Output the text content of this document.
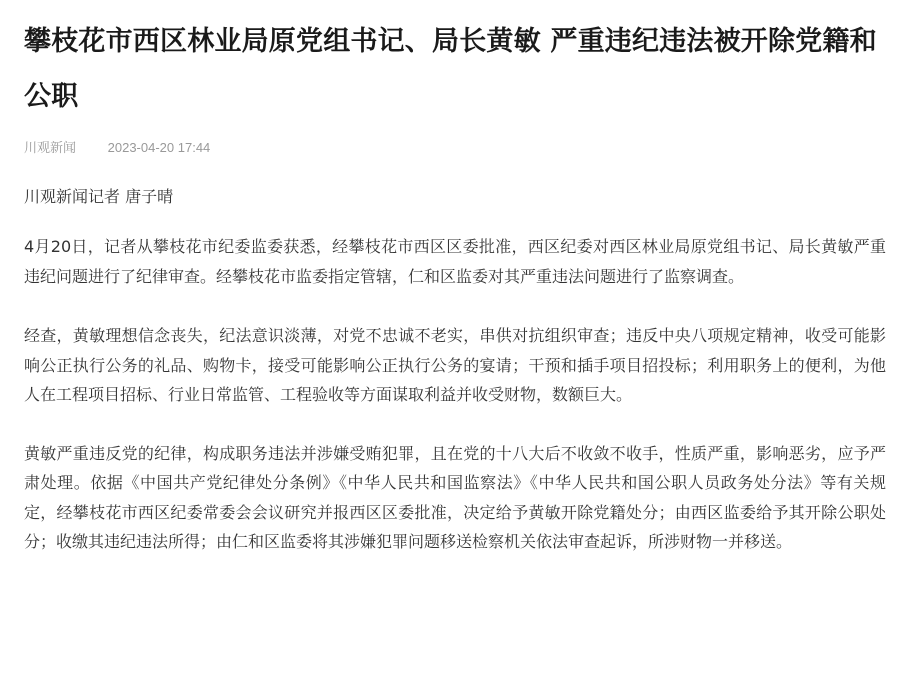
攀枝花市西区林业局原党组书记、局长黄敏 严重违纪违法被开除党籍和公职
川观新闻 2023-04-20 17:44
川观新闻记者 唐子晴

4月20日，记者从攀枝花市纪委监委获悉，经攀枝花市西区区委批准，西区纪委对西区林业局原党组书记、局长黄敏严重违纪问题进行了纪律审查。经攀枝花市监委指定管辖，仁和区监委对其严重违法问题进行了监察调查。

经查，黄敏理想信念丧失，纪法意识淡薄，对党不忠诚不老实，串供对抗组织审查；违反中央八项规定精神，收受可能影响公正执行公务的礼品、购物卡，接受可能影响公正执行公务的宴请；干预和插手项目招投标；利用职务上的便利，为他人在工程项目招标、行业日常监管、工程验收等方面谋取利益并收受财物，数额巨大。

黄敏严重违反党的纪律，构成职务违法并涉嫌受贿犯罪，且在党的十八大后不收敛不收手，性质严重，影响恶劣，应予严肃处理。依据《中国共产党纪律处分条例》《中华人民共和国监察法》《中华人民共和国公职人员政务处分法》等有关规定，经攀枝花市西区纪委常委会会议研究并报西区区委批准，决定给予黄敏开除党籍处分；由西区监委给予其开除公职处分；收缴其违纪违法所得；由仁和区监委将其涉嫌犯罪问题移送检察机关依法审查起诉，所涉财物一并移送。
